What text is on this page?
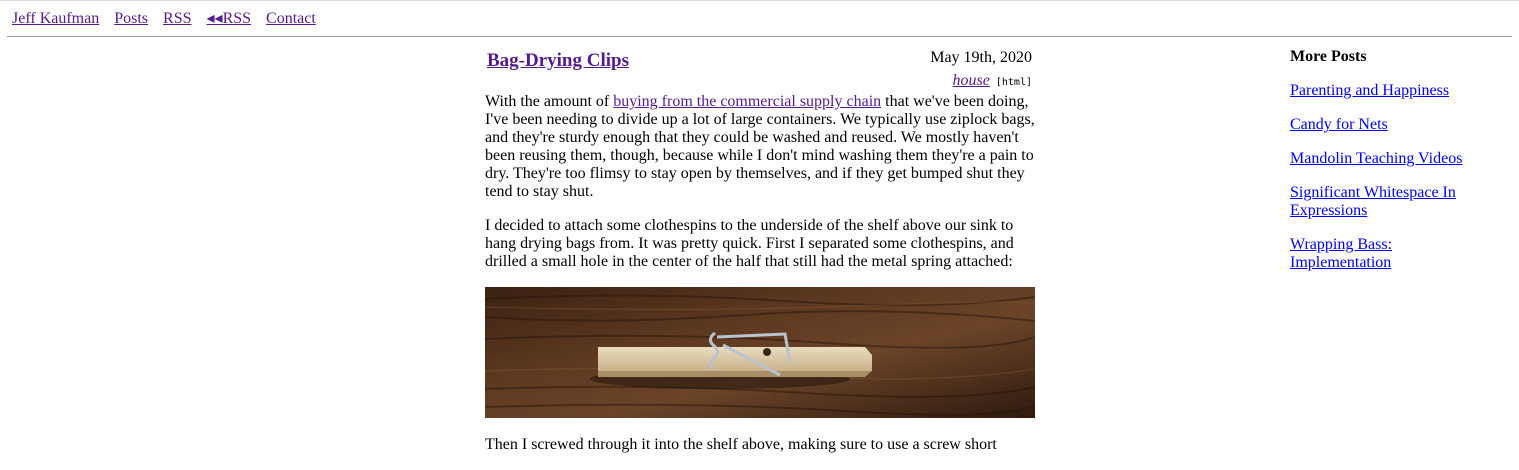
Jeff Kaufman Posts RSS ◂◂RSS Contact
Bag-Drying Clips	May 19th, 2020
house [html]

With the amount of buying from the commercial supply chain that we've been doing, I've been needing to divide up a lot of large containers. We typically use ziplock bags, and they're sturdy enough that they could be washed and reused. We mostly haven't been reusing them, though, because while I don't mind washing them they're a pain to dry. They're too flimsy to stay open by themselves, and if they get bumped shut they tend to stay shut.

I decided to attach some clothespins to the underside of the shelf above our sink to hang drying bags from. It was pretty quick. First I separated some clothespins, and drilled a small hole in the center of the half that still had the metal spring attached:

Then I screwed through it into the shelf above, making sure to use a screw short

More Posts
Parenting and Happiness
Candy for Nets
Mandolin Teaching Videos
Significant Whitespace In Expressions
Wrapping Bass: Implementation
